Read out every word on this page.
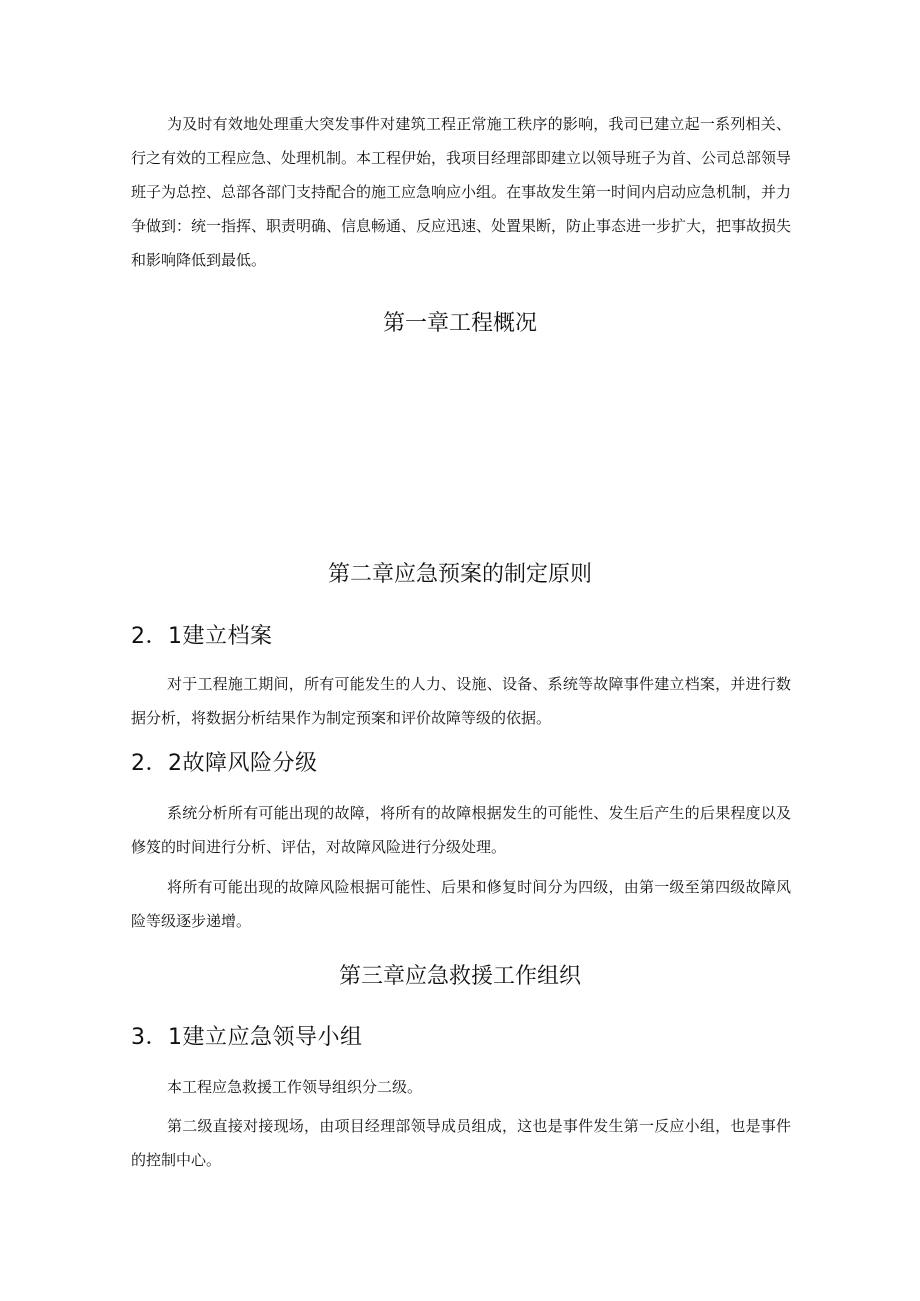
为及时有效地处理重大突发事件对建筑工程正常施工秩序的影响，我司已建立起一系列相关、行之有效的工程应急、处理机制。本工程伊始，我项目经理部即建立以领导班子为首、公司总部领导班子为总控、总部各部门支持配合的施工应急响应小组。在事故发生第一时间内启动应急机制，并力争做到：统一指挥、职责明确、信息畅通、反应迅速、处置果断，防止事态进一步扩大，把事故损失和影响降低到最低。

第一章工程概况
第二章应急预案的制定原则
2．1建立档案

对于工程施工期间，所有可能发生的人力、设施、设备、系统等故障事件建立档案，并进行数据分析，将数据分析结果作为制定预案和评价故障等级的依据。

2．2故障风险分级

系统分析所有可能出现的故障，将所有的故障根据发生的可能性、发生后产生的后果程度以及修笈的时间进行分析、评估，对故障风险进行分级处理。

将所有可能出现的故障风险根据可能性、后果和修复时间分为四级，由第一级至第四级故障风险等级逐步递增。

第三章应急救援工作组织
3．1建立应急领导小组

本工程应急救援工作领导组织分二级。

第二级直接对接现场，由项目经理部领导成员组成，这也是事件发生第一反应小组，也是事件的控制中心。
